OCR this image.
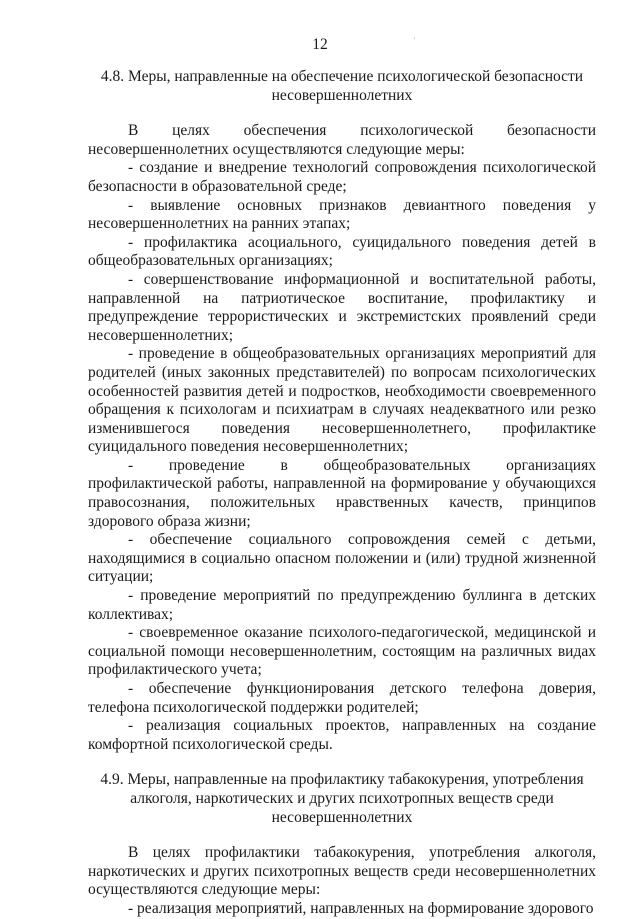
12	·
4.8. Меры, направленные на обеспечение психологической безопасности
несовершеннолетних

В целях обеспечения психологической безопасности несовершеннолетних осуществляются следующие меры:

- создание и внедрение технологий сопровождения психологической безопасности в образовательной среде;

- выявление основных признаков девиантного поведения у несовершеннолетних на ранних этапах;

- профилактика асоциального, суицидального поведения детей в общеобразовательных организациях;

- совершенствование информационной и воспитательной работы, направленной на патриотическое воспитание, профилактику и предупреждение террористических и экстремистских проявлений среди несовершеннолетних;

- проведение в общеобразовательных организациях мероприятий для родителей (иных законных представителей) по вопросам психологических особенностей развития детей и подростков, необходимости своевременного обращения к психологам и психиатрам в случаях неадекватного или резко изменившегося поведения несовершеннолетнего, профилактике суицидального поведения несовершеннолетних;

- проведение в общеобразовательных организациях профилактической работы, направленной на формирование у обучающихся правосознания, положительных нравственных качеств, принципов здорового образа жизни;

- обеспечение социального сопровождения семей с детьми, находящимися в социально опасном положении и (или) трудной жизненной ситуации;

- проведение мероприятий по предупреждению буллинга в детских коллективах;

- своевременное оказание психолого-педагогической, медицинской и социальной помощи несовершеннолетним, состоящим на различных видах профилактического учета;

- обеспечение функционирования детского телефона доверия, телефона психологической поддержки родителей;

- реализация социальных проектов, направленных на создание комфортной психологической среды.

4.9. Меры, направленные на профилактику табакокурения, употребления
алкоголя, наркотических и других психотропных веществ среди
несовершеннолетних

В целях профилактики табакокурения, употребления алкоголя, наркотических и других психотропных веществ среди несовершеннолетних осуществляются следующие меры:

- реализация мероприятий, направленных на формирование здорового
